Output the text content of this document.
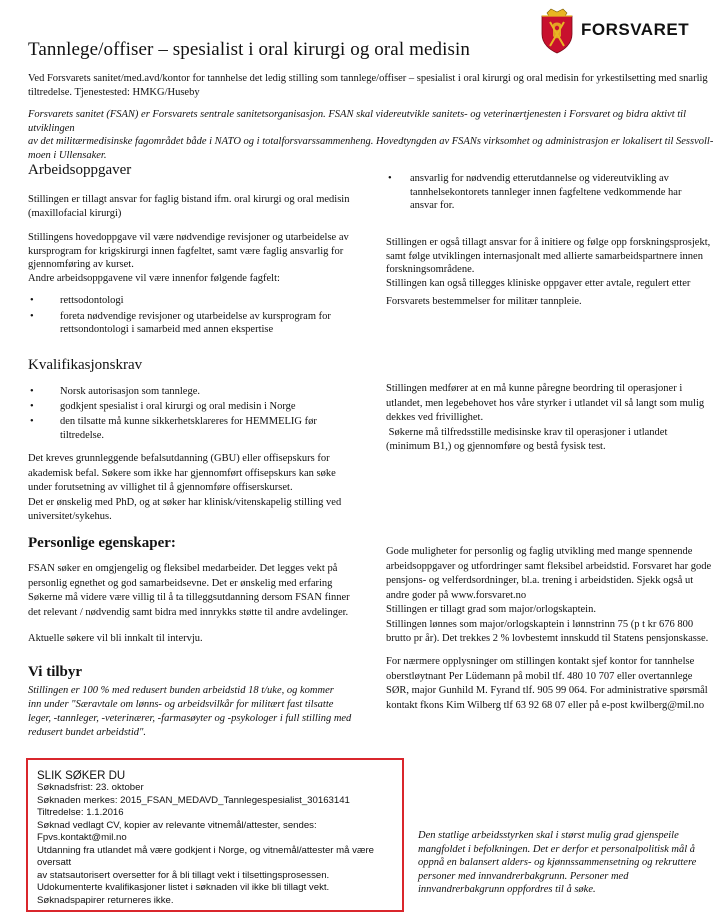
FORSVARET
Tannlege/offiser – spesialist i oral kirurgi og oral medisin

Ved Forsvarets sanitet/med.avd/kontor for tannhelse det ledig stilling som tannlege/offiser – spesialist i oral kirurgi og oral medisin for yrkestilsetting med snarlig

tiltredelse. Tjenestested: HMKG/Huseby

Forsvarets sanitet (FSAN) er Forsvarets sentrale sanitetsorganisasjon. FSAN skal videreutvikle sanitets- og veterinærtjenesten i Forsvaret og bidra aktivt til utviklingen

av det militærmedisinske fagområdet både i NATO og i totalforsvarssammenheng. Hovedtyngden av FSANs virksomhet og administrasjon er lokalisert til Sessvoll-

moen i Ullensaker.

Arbeidsoppgaver

Stillingen er tillagt ansvar for faglig bistand ifm. oral kirurgi og oral medisin

(maxillofacial kirurgi)

Stillingens hovedoppgave vil være nødvendige revisjoner og utarbeidelse av

kursprogram for krigskirurgi innen fagfeltet, samt være faglig ansvarlig for

gjennomføring av kurset.

Andre arbeidsoppgavene vil være innenfor følgende fagfelt:

• rettsodontologi
• foreta nødvendige revisjoner og utarbeidelse av kursprogram for
rettsondontologi i samarbeid med annen ekspertise
• ansvarlig for nødvendig etterutdannelse og videreutvikling av
tannhelsekontorets tannleger innen fagfeltene vedkommende har
ansvar for.

Stillingen er også tillagt ansvar for å initiere og følge opp forskningsprosjekt,

samt følge utviklingen internasjonalt med allierte samarbeidspartnere innen

forskningsområdene.

Stillingen kan også tillegges kliniske oppgaver etter avtale, regulert etter

Forsvarets bestemmelser for militær tannpleie.

Kvalifikasjonskrav
• Norsk autorisasjon som tannlege.
• godkjent spesialist i oral kirurgi og oral medisin i Norge
• den tilsatte må kunne sikkerhetsklareres for HEMMELIG før
tiltredelse.

Det kreves grunnleggende befalsutdanning (GBU) eller offisерskurs for

akademisk befal. Søkere som ikke har gjennomført offisерskurs kan søke

under forutsetning av villighet til å gjennomføre offiserskurset.

Det er ønskelig med PhD, og at søker har klinisk/vitenskapelig stilling ved

universitet/sykehus.

Stillingen medfører at en må kunne påregne beordring til operasjoner i

utlandet, men legebehovet hos våre styrker i utlandet vil så langt som mulig

dekkes ved frivillighet.

Søkerne må tilfredsstille medisinske krav til operasjoner i utlandet

(minimum B1,) og gjennomføre og bestå fysisk test.

Personlige egenskaper:

FSAN søker en omgjengelig og fleksibel medarbeider. Det legges vekt på

personlig egnethet og god samarbeidsevne. Det er ønskelig med erfaring

Søkerne må videre være villig til å ta tilleggsutdanning dersom FSAN finner

det relevant / nødvendig samt bidra med innrykks støtte til andre avdelinger.

Aktuelle søkere vil bli innkalt til intervju.

Gode muligheter for personlig og faglig utvikling med mange spennende

arbeidsoppgaver og utfordringer samt fleksibel arbeidstid. Forsvaret har gode

pensjons- og velferdsordninger, bl.a. trening i arbeidstiden. Sjekk også ut

andre goder på www.forsvaret.no

Stillingen er tillagt grad som major/orlogskaptein.

Stillingen lønnes som major/orlogskaptein i lønnstrinn 75 (p t kr 676 800

brutto pr år). Det trekkes 2 % lovbestemt innskudd til Statens pensjonskasse.

For nærmere opplysninger om stillingen kontakt sjef kontor for tannhelse

oberstløytnant Per Lüdemann på mobil tlf. 480 10 707 eller overtannlege

SØR, major Gunhild M. Fyrand tlf. 905 99 064. For administrative spørsmål

kontakt fkons Kim Wilberg tlf 63 92 68 07 eller på e-post kwilberg@mil.no

Vi tilbyr

Stillingen er 100 % med redusert bunden arbeidstid 18 t/uke, og kommer

inn under "Særavtale om lønns- og arbeidsvilkår for militært fast tilsatte

leger, -tannleger, -veterinærer, -farmasøyter og -psykologer i full stilling med

redusert bundet arbeidstid".

SLIK SØKER DU

Søknadsfrist: 23. oktober

Søknaden merkes: 2015_FSAN_MEDAVD_Tannlegespesialist_30163141

Tiltredelse: 1.1.2016

Søknad vedlagt CV, kopier av relevante vitnemål/attester, sendes:

Fpvs.kontakt@mil.no

Utdanning fra utlandet må være godkjent i Norge, og vitnemål/attester må være oversatt

av statsautorisert oversetter for å bli tillagt vekt i tilsettingsprosessen.

Udokumenterte kvalifikasjoner listet i søknaden vil ikke bli tillagt vekt.

Søknadspapirer returneres ikke.

Den statlige arbeidsstyrken skal i størst mulig grad gjenspeile

mangfoldet i befolkningen. Det er derfor et personalpolitisk mål å

oppnå en balansert alders- og kjønnssammensetning og rekruttere

personer med innvandrerbakgrunn. Personer med

innvandrerbakgrunn oppfordres til å søke.
